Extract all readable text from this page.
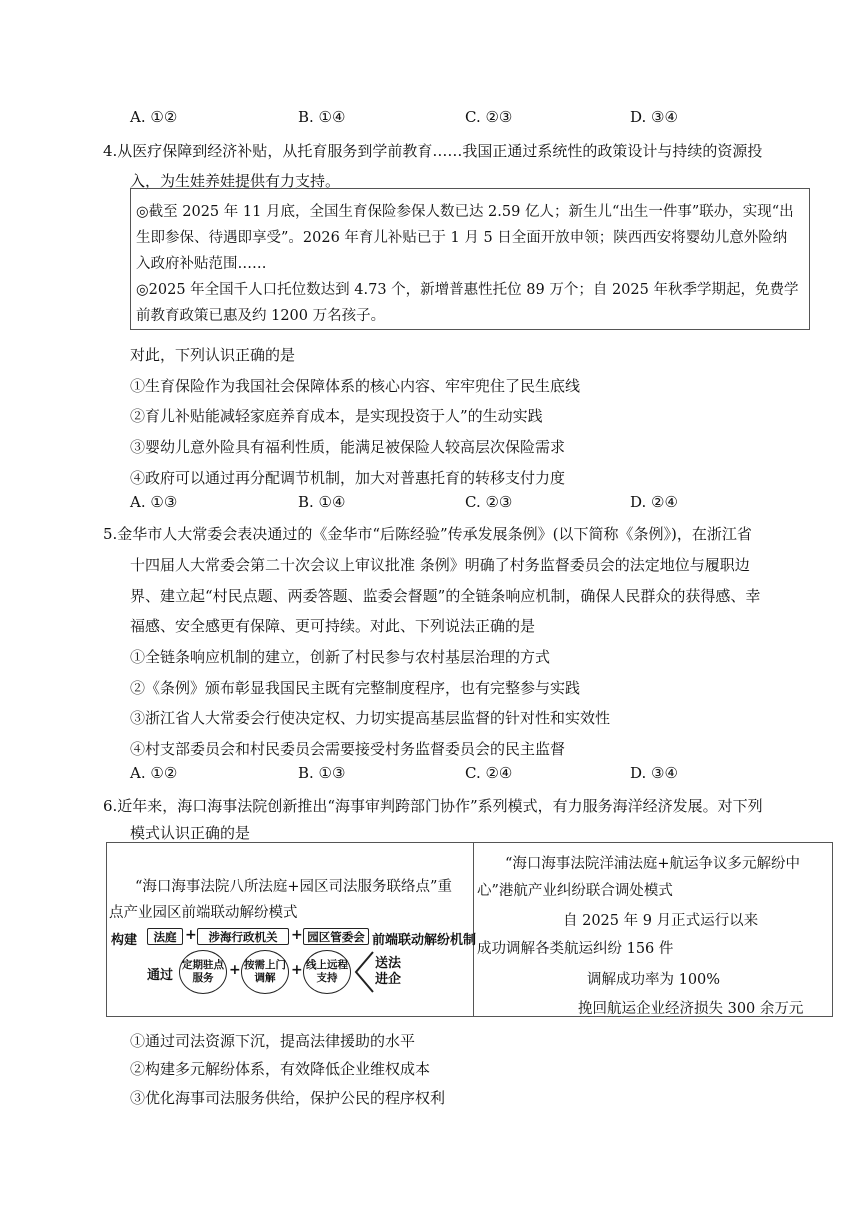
A. ①②	B. ①④	C. ②③	D. ③④
4.从医疗保障到经济补贴，从托育服务到学前教育……我国正通过系统性的政策设计与持续的资源投
入，为生娃养娃提供有力支持。
◎截至 2025 年 11 月底，全国生育保险参保人数已达 2.59 亿人；新生儿“出生一件事”联办，实现“出
生即参保、待遇即享受”。2026 年育儿补贴已于 1 月 5 日全面开放申领；陕西西安将婴幼儿意外险纳
入政府补贴范围……
◎2025 年全国千人口托位数达到 4.73 个，新增普惠性托位 89 万个；自 2025 年秋季学期起，免费学
前教育政策已惠及约 1200 万名孩子。
对此，下列认识正确的是
①生育保险作为我国社会保障体系的核心内容、牢牢兜住了民生底线
②育儿补贴能减轻家庭养育成本，是实现投资于人”的生动实践
③婴幼儿意外险具有福利性质，能满足被保险人较高层次保险需求
④政府可以通过再分配调节机制，加大对普惠托育的转移支付力度
A. ①③	B. ①④	C. ②③	D. ②④
5.金华市人大常委会表决通过的《金华市“后陈经验”传承发展条例》(以下简称《条例》)，在浙江省
十四届人大常委会第二十次会议上审议批准 条例》明确了村务监督委员会的法定地位与履职边
界、建立起“村民点题、两委答题、监委会督题”的全链条响应机制，确保人民群众的获得感、幸
福感、安全感更有保障、更可持续。对此、下列说法正确的是
①全链条响应机制的建立，创新了村民参与农村基层治理的方式
②《条例》颁布彰显我国民主既有完整制度程序，也有完整参与实践
③浙江省人大常委会行使决定权、力切实提高基层监督的针对性和实效性
④村支部委员会和村民委员会需要接受村务监督委员会的民主监督
A. ①②	B. ①③	C. ②④	D. ③④
6.近年来，海口海事法院创新推出“海事审判跨部门协作”系列模式，有力服务海洋经济发展。对下列
模式认识正确的是
“海口海事法院八所法庭+园区司法服务联络点”重
点产业园区前端联动解纷模式
构建	法庭 +	涉海行政机关 + 园区管委会 前端联动解纷机制
通过
定期驻点服务	+ 按需上门调解	+ 线上远程支持
送法进企
“海口海事法院洋浦法庭+航运争议多元解纷中
心”港航产业纠纷联合调处模式
自 2025 年 9 月正式运行以来
成功调解各类航运纠纷 156 件
调解成功率为 100%
挽回航运企业经济损失 300 余万元
①通过司法资源下沉，提高法律援助的水平
②构建多元解纷体系，有效降低企业维权成本
③优化海事司法服务供给，保护公民的程序权利
